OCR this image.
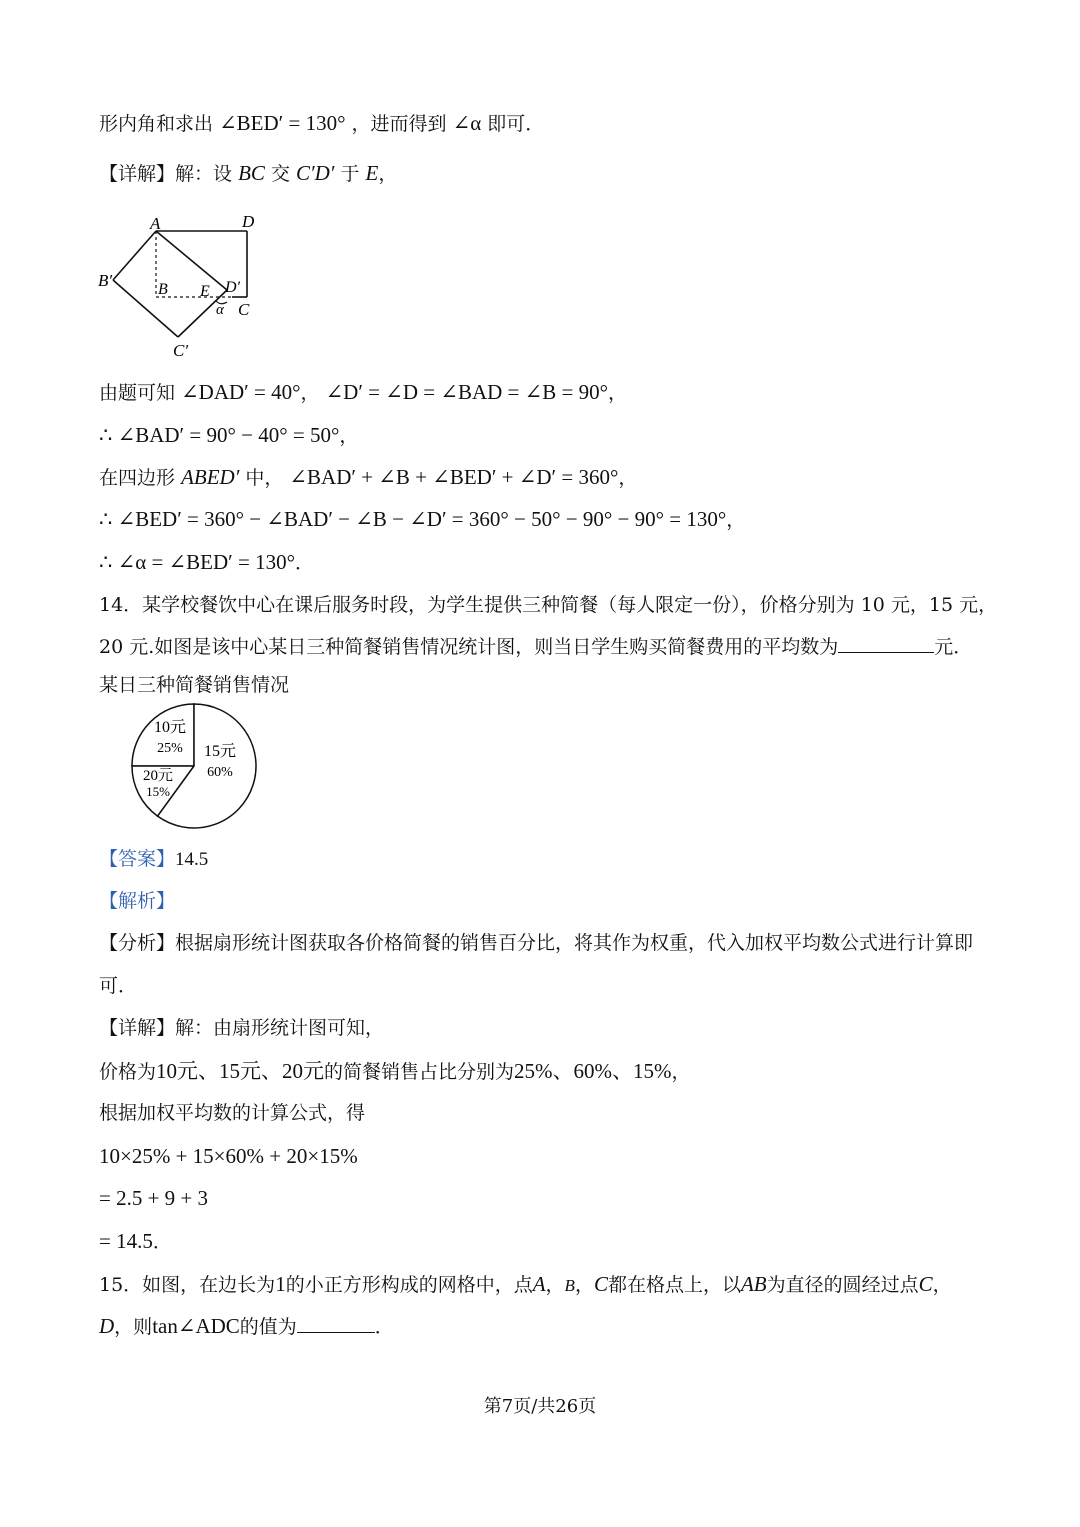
形内角和求出 ∠BED′ = 130° ，进而得到 ∠α 即可．
【详解】解：设 BC 交 C′D′ 于 E，
A	D
B′	B E D′
C
α
C′
由题可知 ∠DAD′ = 40°， ∠D′ = ∠D = ∠BAD = ∠B = 90°，
∴ ∠BAD′ = 90° − 40° = 50°，
在四边形 ABED′ 中， ∠BAD′ + ∠B + ∠BED′ + ∠D′ = 360°，
∴ ∠BED′ = 360° − ∠BAD′ − ∠B − ∠D′ = 360° − 50° − 90° − 90° = 130°，
∴ ∠α = ∠BED′ = 130°．
14．某学校餐饮中心在课后服务时段，为学生提供三种简餐（每人限定一份），价格分别为 10 元，15 元，
20 元.如图是该中心某日三种简餐销售情况统计图，则当日学生购买简餐费用的平均数为	元．
某日三种简餐销售情况
10元
25% 15元
60%
20元
15%
【答案】14.5
【解析】
【分析】根据扇形统计图获取各价格简餐的销售百分比，将其作为权重，代入加权平均数公式进行计算即
可．
【详解】解：由扇形统计图可知，
价格为10元、15元、20元的简餐销售占比分别为25%、60%、15%，
根据加权平均数的计算公式，得
10×25% + 15×60% + 20×15%
= 2.5 + 9 + 3
= 14.5．
15．如图，在边长为1的小正方形构成的网格中，点A，B，C都在格点上，以AB为直径的圆经过点C，
D，则tan∠ADC的值为	．
第7页/共26页
